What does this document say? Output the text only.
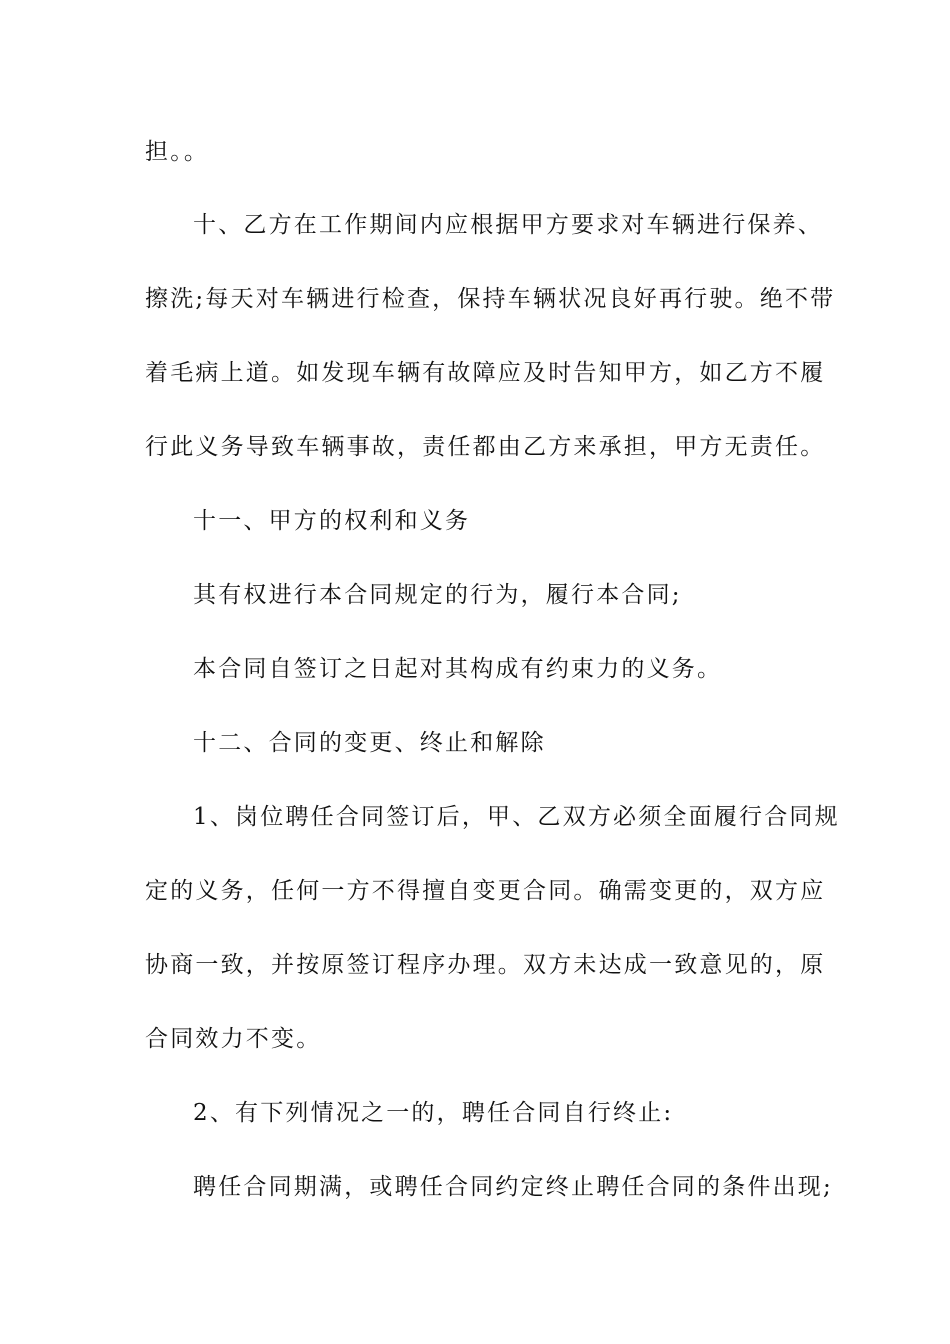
担。。

十、乙方在工作期间内应根据甲方要求对车辆进行保养、

擦洗;每天对车辆进行检查，保持车辆状况良好再行驶。绝不带

着毛病上道。如发现车辆有故障应及时告知甲方，如乙方不履

行此义务导致车辆事故，责任都由乙方来承担，甲方无责任。

十一、甲方的权利和义务

其有权进行本合同规定的行为，履行本合同;

本合同自签订之日起对其构成有约束力的义务。

十二、合同的变更、终止和解除

1、岗位聘任合同签订后，甲、乙双方必须全面履行合同规

定的义务，任何一方不得擅自变更合同。确需变更的，双方应

协商一致，并按原签订程序办理。双方未达成一致意见的，原

合同效力不变。

2、有下列情况之一的，聘任合同自行终止:

聘任合同期满，或聘任合同约定终止聘任合同的条件出现;
